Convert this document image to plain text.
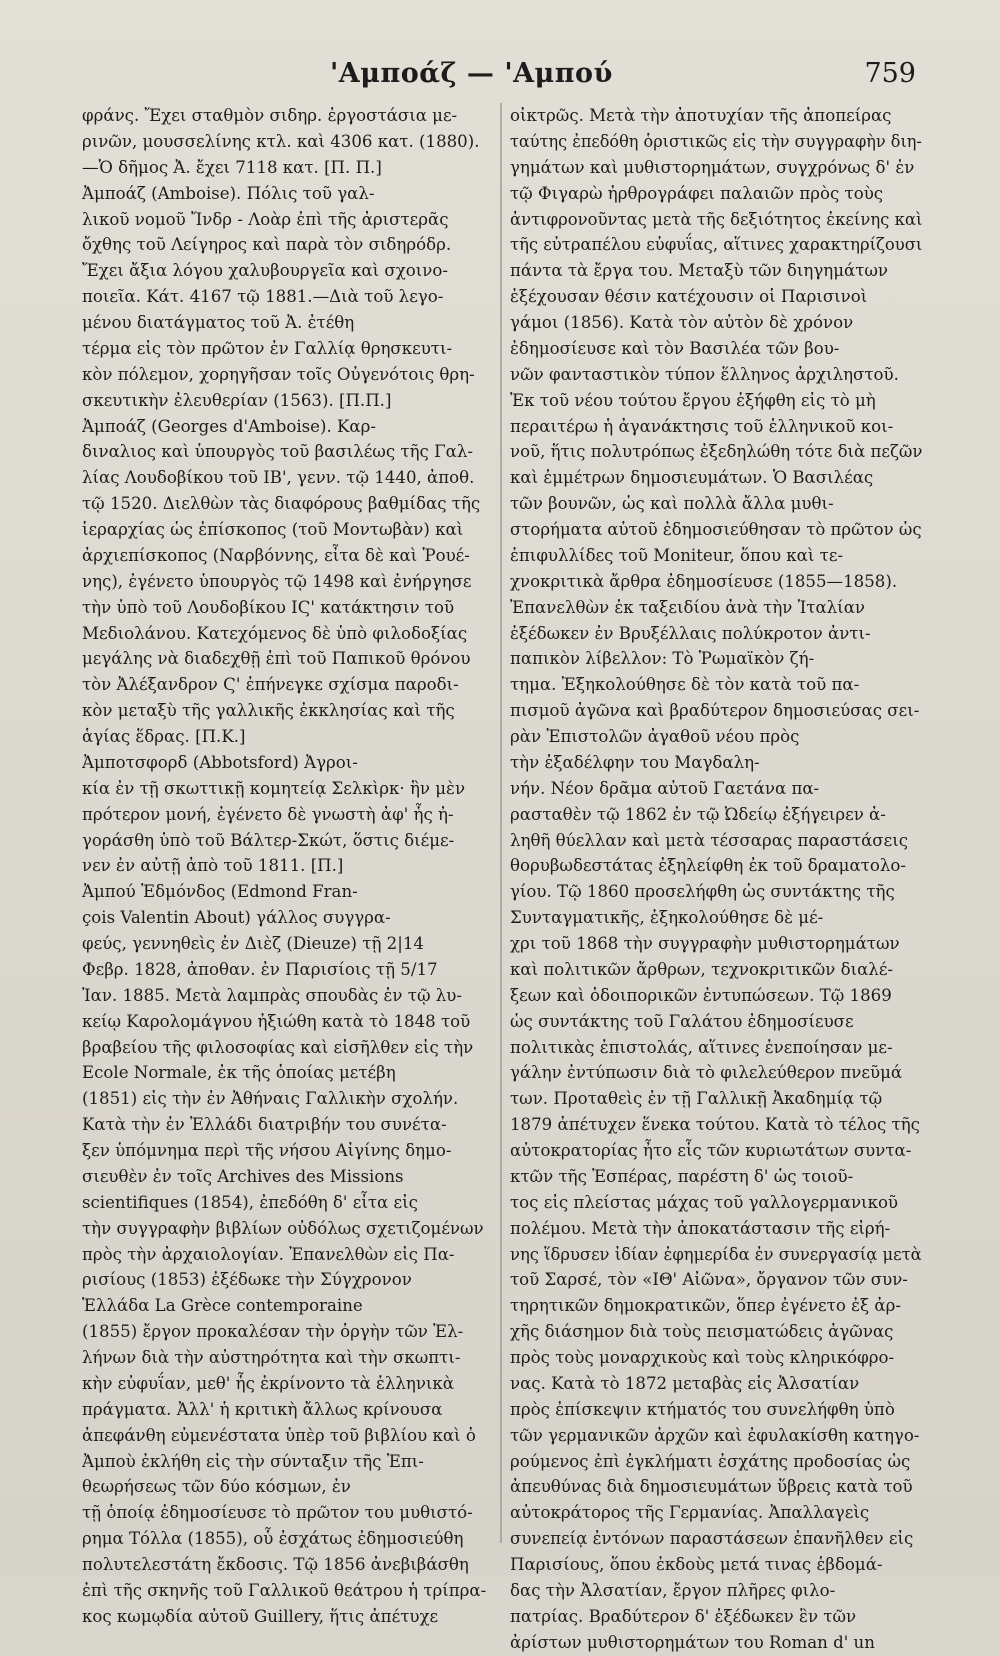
'Αμποάζ — 'Αμπού	759
φράνς. Ἔχει σταθμὸν σιδηρ. ἐργοστάσια με-
ρινῶν, μουσσελίνης κτλ. καὶ 4306 κατ. (1880).
—Ὁ δῆμος Ἀ. ἔχει 7118 κατ. [Π. Π.]
Ἀμποάζ (Amboise). Πόλις τοῦ γαλ-
λικοῦ νομοῦ Ἴνδρ - Λοὰρ ἐπὶ τῆς ἀριστερᾶς
ὄχθης τοῦ Λείγηρος καὶ παρὰ τὸν σιδηρόδρ.
Ἔχει ἄξια λόγου χαλυβουργεῖα καὶ σχοινο-
ποιεῖα. Κάτ. 4167 τῷ 1881.—Διὰ τοῦ λεγο-
μένου διατάγματος τοῦ Ἀ. ἐτέθη
τέρμα εἰς τὸν πρῶτον ἐν Γαλλίᾳ θρησκευτι-
κὸν πόλεμον, χορηγῆσαν τοῖς Οὐγενότοις θρη-
σκευτικὴν ἐλευθερίαν (1563). [Π.Π.]
Ἀμποάζ (Georges d'Amboise). Καρ-
διναλιος καὶ ὑπουργὸς τοῦ βασιλέως τῆς Γαλ-
λίας Λουδοβίκου τοῦ ΙΒ', γενν. τῷ 1440, ἀποθ.
τῷ 1520. Διελθὼν τὰς διαφόρους βαθμίδας τῆς
ἱεραρχίας ὡς ἐπίσκοπος (τοῦ Μοντωβὰν) καὶ
ἀρχιεπίσκοπος (Ναρβόννης, εἶτα δὲ καὶ Ῥουέ-
νης), ἐγένετο ὑπουργὸς τῷ 1498 καὶ ἐνήργησε
τὴν ὑπὸ τοῦ Λουδοβίκου ΙϚ' κατάκτησιν τοῦ
Μεδιολάνου. Κατεχόμενος δὲ ὑπὸ φιλοδοξίας
μεγάλης νὰ διαδεχθῇ ἐπὶ τοῦ Παπικοῦ θρόνου
τὸν Ἀλέξανδρον Ϛ' ἐπήνεγκε σχίσμα παροδι-
κὸν μεταξὺ τῆς γαλλικῆς ἐκκλησίας καὶ τῆς
ἁγίας ἕδρας. [Π.Κ.]
Ἀμποτσφορδ (Abbotsford) Ἀγροι-
κία ἐν τῇ σκωττικῇ κομητείᾳ Σελκὶρκ· ἣν μὲν
πρότερον μονή, ἐγένετο δὲ γνωστὴ ἀφ' ἧς ἠ-
γοράσθη ὑπὸ τοῦ Βάλτερ-Σκώτ, ὅστις διέμε-
νεν ἐν αὐτῇ ἀπὸ τοῦ 1811. [Π.]
Ἀμπού Ἐδμόνδος (Edmond Fran-
çois Valentin About) γάλλος συγγρα-
φεύς, γεννηθεὶς ἐν Διὲζ (Dieuze) τῇ 2|14
Φεβρ. 1828, ἀποθαν. ἐν Παρισίοις τῇ 5/17
Ἰαν. 1885. Μετὰ λαμπρὰς σπουδὰς ἐν τῷ λυ-
κείῳ Καρολομάγνου ἠξιώθη κατὰ τὸ 1848 τοῦ
βραβείου τῆς φιλοσοφίας καὶ εἰσῆλθεν εἰς τὴν
Ecole Normale, ἐκ τῆς ὁποίας μετέβη
(1851) εἰς τὴν ἐν Ἀθήναις Γαλλικὴν σχολήν.
Κατὰ τὴν ἐν Ἑλλάδι διατριβήν του συνέτα-
ξεν ὑπόμνημα περὶ τῆς νήσου Αἰγίνης δημο-
σιευθὲν ἐν τοῖς Archives des Missions
scientifiques (1854), ἐπεδόθη δ' εἶτα εἰς
τὴν συγγραφὴν βιβλίων οὐδόλως σχετιζομένων
πρὸς τὴν ἀρχαιολογίαν. Ἐπανελθὼν εἰς Πα-
ρισίους (1853) ἐξέδωκε τὴν Σύγχρονον
Ἑλλάδα La Grèce contemporaine
(1855) ἔργον προκαλέσαν τὴν ὀργὴν τῶν Ἑλ-
λήνων διὰ τὴν αὐστηρότητα καὶ τὴν σκωπτι-
κὴν εὐφυΐαν, μεθ' ἧς ἐκρίνοντο τὰ ἑλληνικὰ
πράγματα. Ἀλλ' ἡ κριτικὴ ἄλλως κρίνουσα
ἀπεφάνθη εὐμενέστατα ὑπὲρ τοῦ βιβλίου καὶ ὁ
Ἀμποὺ ἐκλήθη εἰς τὴν σύνταξιν τῆς Ἐπι-
θεωρήσεως τῶν δύο κόσμων, ἐν
τῇ ὁποίᾳ ἐδημοσίευσε τὸ πρῶτον του μυθιστό-
ρημα Τόλλα (1855), οὗ ἐσχάτως ἐδημοσιεύθη
πολυτελεστάτη ἔκδοσις. Τῷ 1856 ἀνεβιβάσθη
ἐπὶ τῆς σκηνῆς τοῦ Γαλλικοῦ θεάτρου ἡ τρίπρα-
κος κωμῳδία αὐτοῦ Guillery, ἥτις ἀπέτυχε
οἰκτρῶς. Μετὰ τὴν ἀποτυχίαν τῆς ἀποπείρας
ταύτης ἐπεδόθη ὁριστικῶς εἰς τὴν συγγραφὴν διη-
γημάτων καὶ μυθιστορημάτων, συγχρόνως δ' ἐν
τῷ Φιγαρὼ ἠρθρογράφει παλαιῶν πρὸς τοὺς
ἀντιφρονοῦντας μετὰ τῆς δεξιότητος ἐκείνης καὶ
τῆς εὐτραπέλου εὐφυΐας, αἵτινες χαρακτηρίζουσι
πάντα τὰ ἔργα του. Μεταξὺ τῶν διηγημάτων
ἐξέχουσαν θέσιν κατέχουσιν οἱ Παρισινοὶ
γάμοι (1856). Κατὰ τὸν αὐτὸν δὲ χρόνον
ἐδημοσίευσε καὶ τὸν Βασιλέα τῶν βου-
νῶν φανταστικὸν τύπον ἕλληνος ἀρχιληστοῦ.
Ἐκ τοῦ νέου τούτου ἔργου ἐξήφθη εἰς τὸ μὴ
περαιτέρω ἡ ἀγανάκτησις τοῦ ἑλληνικοῦ κοι-
νοῦ, ἥτις πολυτρόπως ἐξεδηλώθη τότε διὰ πεζῶν
καὶ ἐμμέτρων δημοσιευμάτων. Ὁ Βασιλέας
τῶν βουνῶν, ὡς καὶ πολλὰ ἄλλα μυθι-
στορήματα αὐτοῦ ἐδημοσιεύθησαν τὸ πρῶτον ὡς
ἐπιφυλλίδες τοῦ Moniteur, ὅπου καὶ τε-
χνοκριτικὰ ἄρθρα ἐδημοσίευσε (1855—1858).
Ἐπανελθὼν ἐκ ταξειδίου ἀνὰ τὴν Ἰταλίαν
ἐξέδωκεν ἐν Βρυξέλλαις πολύκροτον ἀντι-
παπικὸν λίβελλον: Τὸ Ῥωμαϊκὸν ζή-
τημα. Ἐξηκολούθησε δὲ τὸν κατὰ τοῦ πα-
πισμοῦ ἀγῶνα καὶ βραδύτερον δημοσιεύσας σει-
ρὰν Ἐπιστολῶν ἀγαθοῦ νέου πρὸς
τὴν ἐξαδέλφην του Μαγδαλη-
νήν. Νέον δρᾶμα αὐτοῦ Γαετάνα πα-
ρασταθὲν τῷ 1862 ἐν τῷ Ὠδείῳ ἐξήγειρεν ἀ-
ληθῆ θύελλαν καὶ μετὰ τέσσαρας παραστάσεις
θορυβωδεστάτας ἐξηλείφθη ἐκ τοῦ δραματολο-
γίου. Τῷ 1860 προσελήφθη ὡς συντάκτης τῆς
Συνταγματικῆς, ἐξηκολούθησε δὲ μέ-
χρι τοῦ 1868 τὴν συγγραφὴν μυθιστορημάτων
καὶ πολιτικῶν ἄρθρων, τεχνοκριτικῶν διαλέ-
ξεων καὶ ὁδοιπορικῶν ἐντυπώσεων. Τῷ 1869
ὡς συντάκτης τοῦ Γαλάτου ἐδημοσίευσε
πολιτικὰς ἐπιστολάς, αἵτινες ἐνεποίησαν με-
γάλην ἐντύπωσιν διὰ τὸ φιλελεύθερον πνεῦμά
των. Προταθεὶς ἐν τῇ Γαλλικῇ Ἀκαδημίᾳ τῷ
1879 ἀπέτυχεν ἕνεκα τούτου. Κατὰ τὸ τέλος τῆς
αὐτοκρατορίας ἦτο εἷς τῶν κυριωτάτων συντα-
κτῶν τῆς Ἑσπέρας, παρέστη δ' ὡς τοιοῦ-
τος εἰς πλείστας μάχας τοῦ γαλλογερμανικοῦ
πολέμου. Μετὰ τὴν ἀποκατάστασιν τῆς εἰρή-
νης ἵδρυσεν ἰδίαν ἐφημερίδα ἐν συνεργασίᾳ μετὰ
τοῦ Σαρσέ, τὸν «ΙΘ' Αἰῶνα», ὄργανον τῶν συν-
τηρητικῶν δημοκρατικῶν, ὅπερ ἐγένετο ἐξ ἀρ-
χῆς διάσημον διὰ τοὺς πεισματώδεις ἀγῶνας
πρὸς τοὺς μοναρχικοὺς καὶ τοὺς κληρικόφρο-
νας. Κατὰ τὸ 1872 μεταβὰς εἰς Ἀλσατίαν
πρὸς ἐπίσκεψιν κτήματός του συνελήφθη ὑπὸ
τῶν γερμανικῶν ἀρχῶν καὶ ἐφυλακίσθη κατηγο-
ρούμενος ἐπὶ ἐγκλήματι ἐσχάτης προδοσίας ὡς
ἀπευθύνας διὰ δημοσιευμάτων ὕβρεις κατὰ τοῦ
αὐτοκράτορος τῆς Γερμανίας. Ἀπαλλαγεὶς
συνεπείᾳ ἐντόνων παραστάσεων ἐπανῆλθεν εἰς
Παρισίους, ὅπου ἐκδοὺς μετά τινας ἑβδομά-
δας τὴν Ἀλσατίαν, ἔργον πλῆρες φιλο-
πατρίας. Βραδύτερον δ' ἐξέδωκεν ἓν τῶν
ἀρίστων μυθιστορημάτων του Roman d' un
